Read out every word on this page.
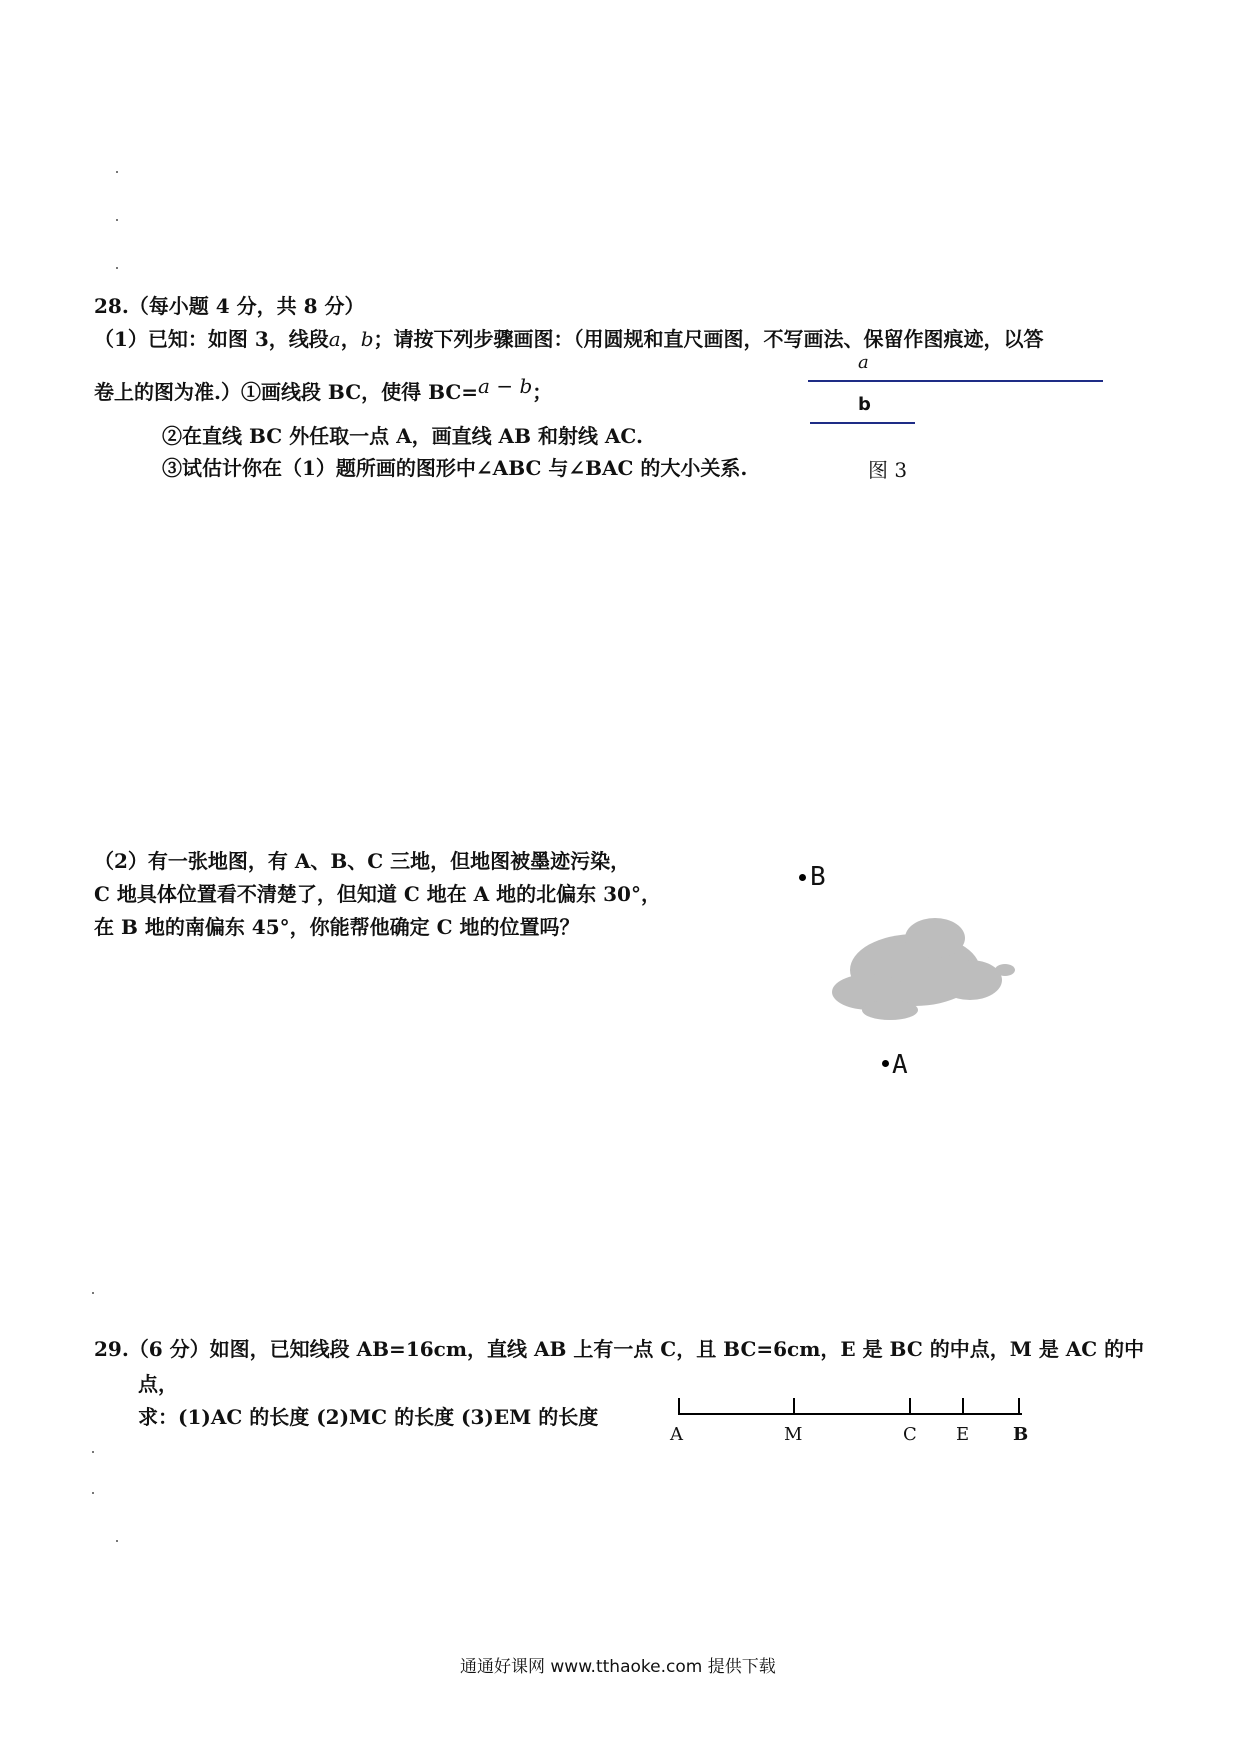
28.（每小题 4 分，共 8 分）
（1）已知：如图 3，线段a，b；请按下列步骤画图：（用圆规和直尺画图，不写画法、保留作图痕迹，以答
卷上的图为准.）①画线段 BC，使得 BC=a − b；
②在直线 BC 外任取一点 A，画直线 AB 和射线 AC.
③试估计你在（1）题所画的图形中∠ABC 与∠BAC 的大小关系.
a
b
图 3
（2）有一张地图，有 A、B、C 三地，但地图被墨迹污染，
C 地具体位置看不清楚了，但知道 C 地在 A 地的北偏东 30°，
在 B 地的南偏东 45°，你能帮他确定 C 地的位置吗？
B
A
29.（6 分）如图，已知线段 AB=16cm，直线 AB 上有一点 C，且 BC=6cm，E 是 BC 的中点，M 是 AC 的中
点，
求：(1)AC 的长度 (2)MC 的长度 (3)EM 的长度
A	M	C E B
通通好课网 www.tthaoke.com 提供下载
